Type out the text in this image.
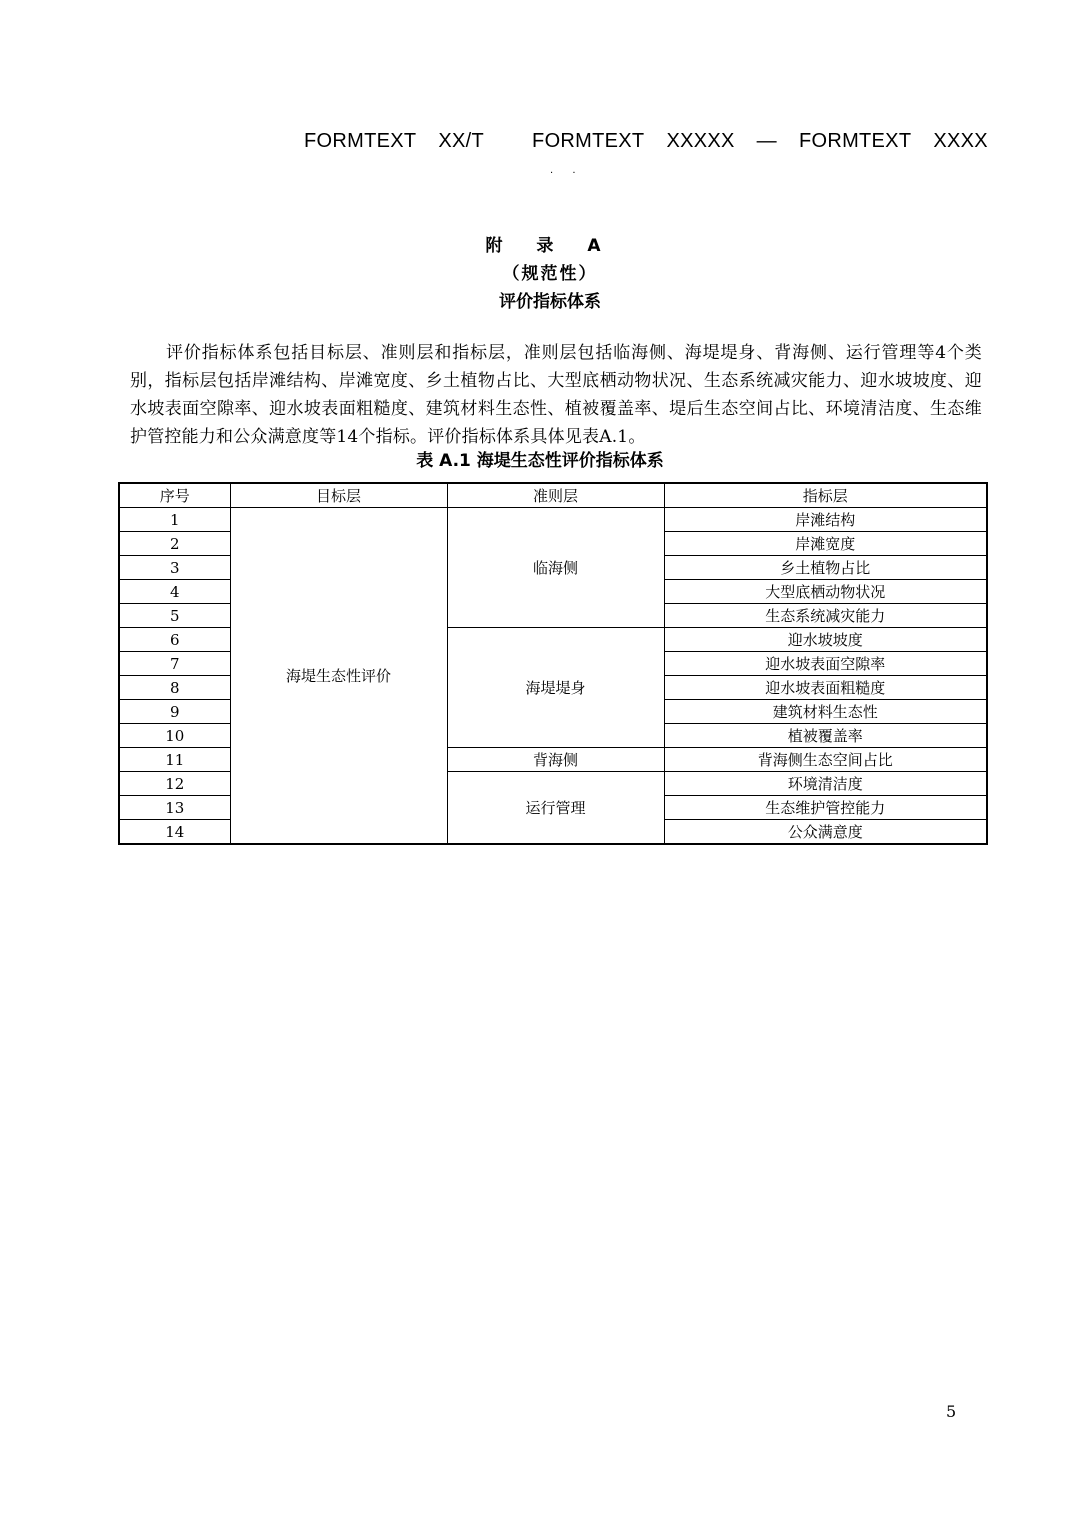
FORMTEXT XX/T FORMTEXT XXXXX — FORMTEXT XXXX
· ·
附 录 A
（规范性）
评价指标体系

评价指标体系包括目标层、准则层和指标层，准则层包括临海侧、海堤堤身、背海侧、运行管理等4个类别，指标层包括岸滩结构、岸滩宽度、乡土植物占比、大型底栖动物状况、生态系统减灾能力、迎水坡坡度、迎水坡表面空隙率、迎水坡表面粗糙度、建筑材料生态性、植被覆盖率、堤后生态空间占比、环境清洁度、生态维护管控能力和公众满意度等14个指标。评价指标体系具体见表A.1。

表 A.1 海堤生态性评价指标体系
序号	目标层	准则层	指标层
1	海堤生态性评价	临海侧	岸滩结构
2			岸滩宽度
3			乡土植物占比
4			大型底栖动物状况
5			生态系统减灾能力
6		海堤堤身	迎水坡坡度
7			迎水坡表面空隙率
8			迎水坡表面粗糙度
9			建筑材料生态性
10			植被覆盖率
11		背海侧	背海侧生态空间占比
12		运行管理	环境清洁度
13			生态维护管控能力
14			公众满意度
5
